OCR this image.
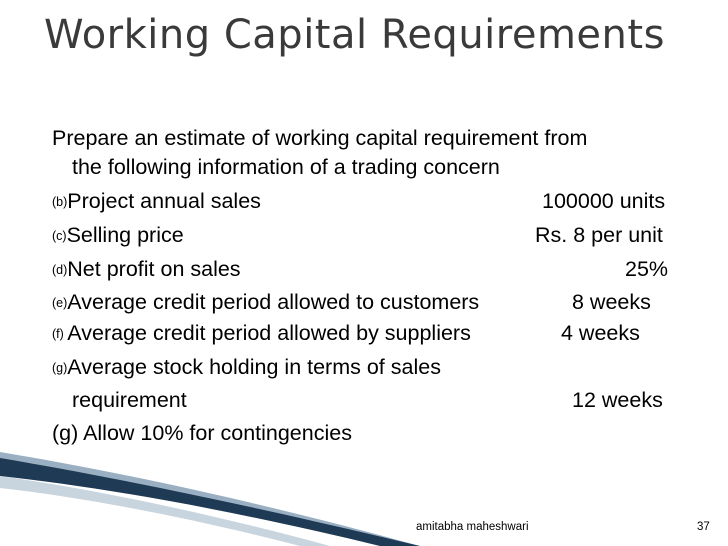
Working Capital Requirements
Prepare an estimate of working capital requirement from
the following information of a trading concern
(b)Project annual sales	100000 units
(c)Selling price	Rs. 8 per unit
(d)Net profit on sales	25%
(e)Average credit period allowed to customers	8 weeks
(f) Average credit period allowed by suppliers	4 weeks
(g)Average stock holding in terms of sales
requirement	12 weeks
(g) Allow 10% for contingencies
amitabha maheshwari	37
